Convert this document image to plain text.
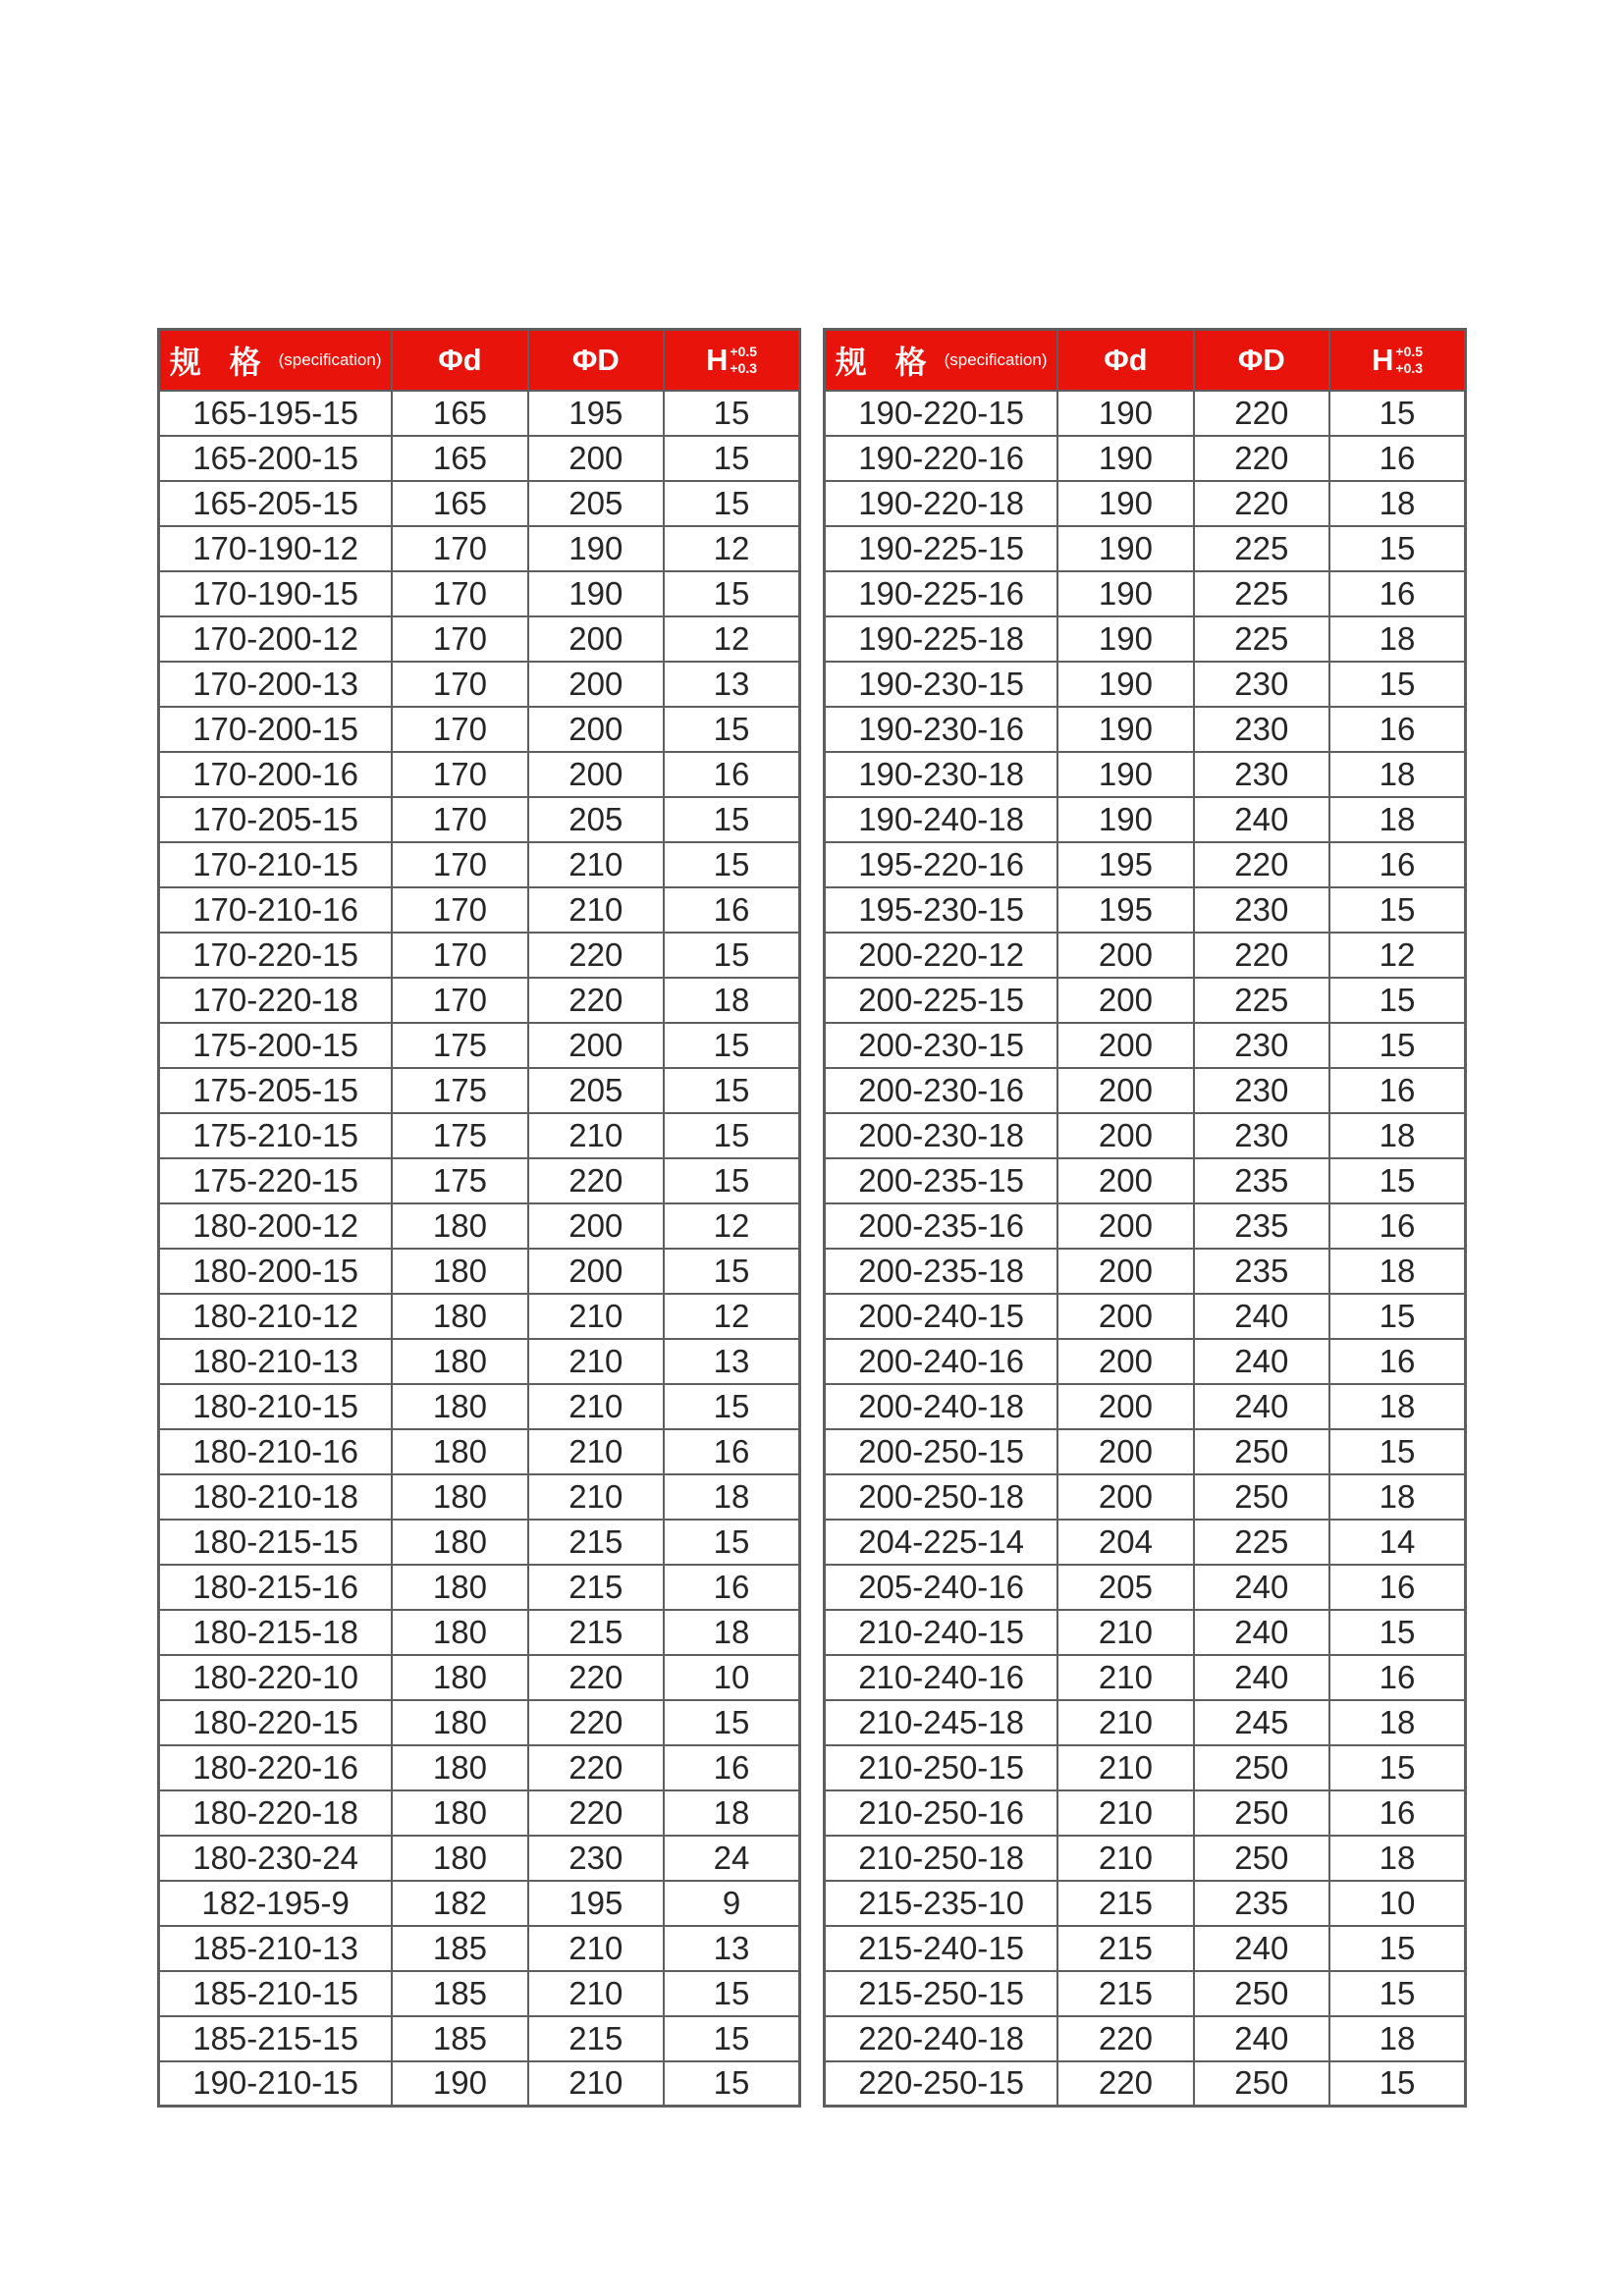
规 格 (specification)	Φd	ΦD	H +0.5
+0.3

165-195-15	165	195	15
165-200-15	165	200	15
165-205-15	165	205	15
170-190-12	170	190	12
170-190-15	170	190	15
170-200-12	170	200	12
170-200-13	170	200	13
170-200-15	170	200	15
170-200-16	170	200	16
170-205-15	170	205	15
170-210-15	170	210	15
170-210-16	170	210	16
170-220-15	170	220	15
170-220-18	170	220	18
175-200-15	175	200	15
175-205-15	175	205	15
175-210-15	175	210	15
175-220-15	175	220	15
180-200-12	180	200	12
180-200-15	180	200	15
180-210-12	180	210	12
180-210-13	180	210	13
180-210-15	180	210	15
180-210-16	180	210	16
180-210-18	180	210	18
180-215-15	180	215	15
180-215-16	180	215	16
180-215-18	180	215	18
180-220-10	180	220	10
180-220-15	180	220	15
180-220-16	180	220	16
180-220-18	180	220	18
180-230-24	180	230	24
182-195-9	182	195	9
185-210-13	185	210	13
185-210-15	185	210	15
185-215-15	185	215	15
190-210-15	190	210	15
规 格 (specification)	Φd	ΦD	H +0.5
+0.3

190-220-15	190	220	15
190-220-16	190	220	16
190-220-18	190	220	18
190-225-15	190	225	15
190-225-16	190	225	16
190-225-18	190	225	18
190-230-15	190	230	15
190-230-16	190	230	16
190-230-18	190	230	18
190-240-18	190	240	18
195-220-16	195	220	16
195-230-15	195	230	15
200-220-12	200	220	12
200-225-15	200	225	15
200-230-15	200	230	15
200-230-16	200	230	16
200-230-18	200	230	18
200-235-15	200	235	15
200-235-16	200	235	16
200-235-18	200	235	18
200-240-15	200	240	15
200-240-16	200	240	16
200-240-18	200	240	18
200-250-15	200	250	15
200-250-18	200	250	18
204-225-14	204	225	14
205-240-16	205	240	16
210-240-15	210	240	15
210-240-16	210	240	16
210-245-18	210	245	18
210-250-15	210	250	15
210-250-16	210	250	16
210-250-18	210	250	18
215-235-10	215	235	10
215-240-15	215	240	15
215-250-15	215	250	15
220-240-18	220	240	18
220-250-15	220	250	15
